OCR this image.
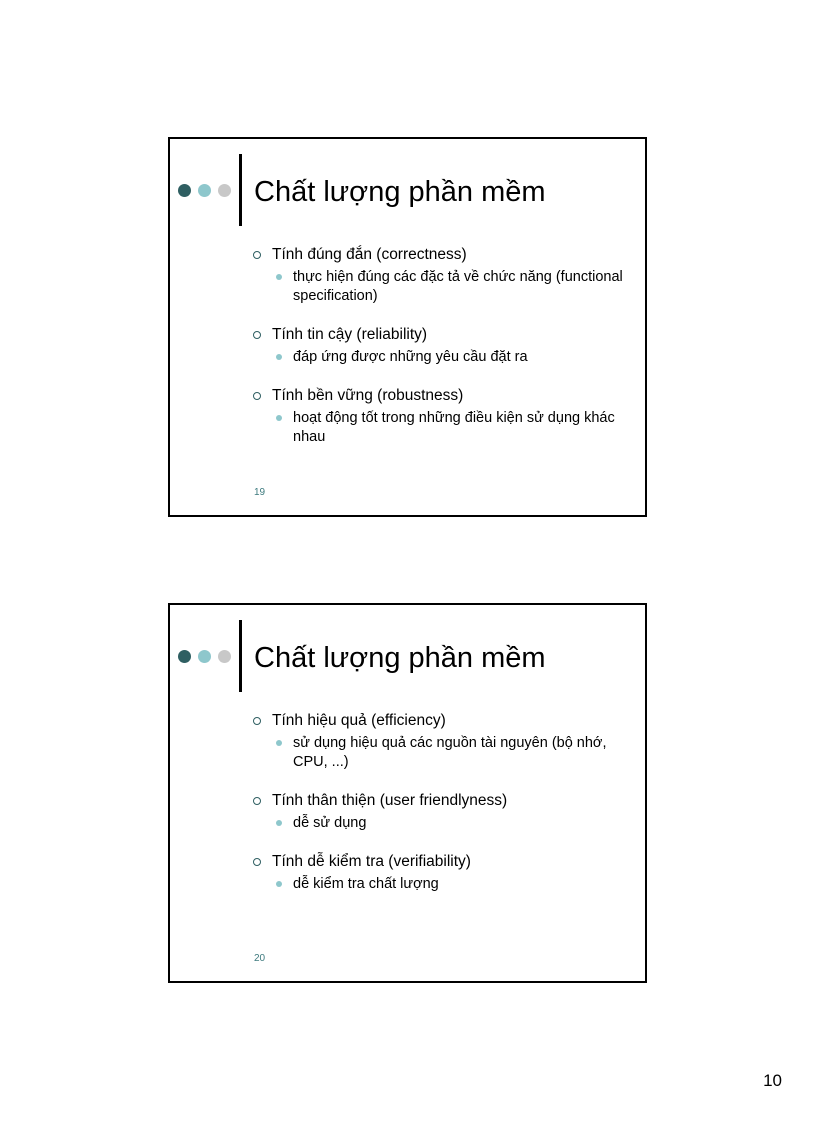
Chất lượng phần mềm
Tính đúng đắn (correctness)
thực hiện đúng các đặc tả về chức năng (functional specification)
Tính tin cậy (reliability)
đáp ứng được những yêu cầu đặt ra
Tính bền vững (robustness)
hoạt động tốt trong những điều kiện sử dụng khác nhau
19
Chất lượng phần mềm
Tính hiệu quả (efficiency)
sử dụng hiệu quả các nguồn tài nguyên (bộ nhớ, CPU, ...)
Tính thân thiện (user friendlyness)
dễ sử dụng
Tính dễ kiểm tra (verifiability)
dễ kiểm tra chất lượng
20
10
